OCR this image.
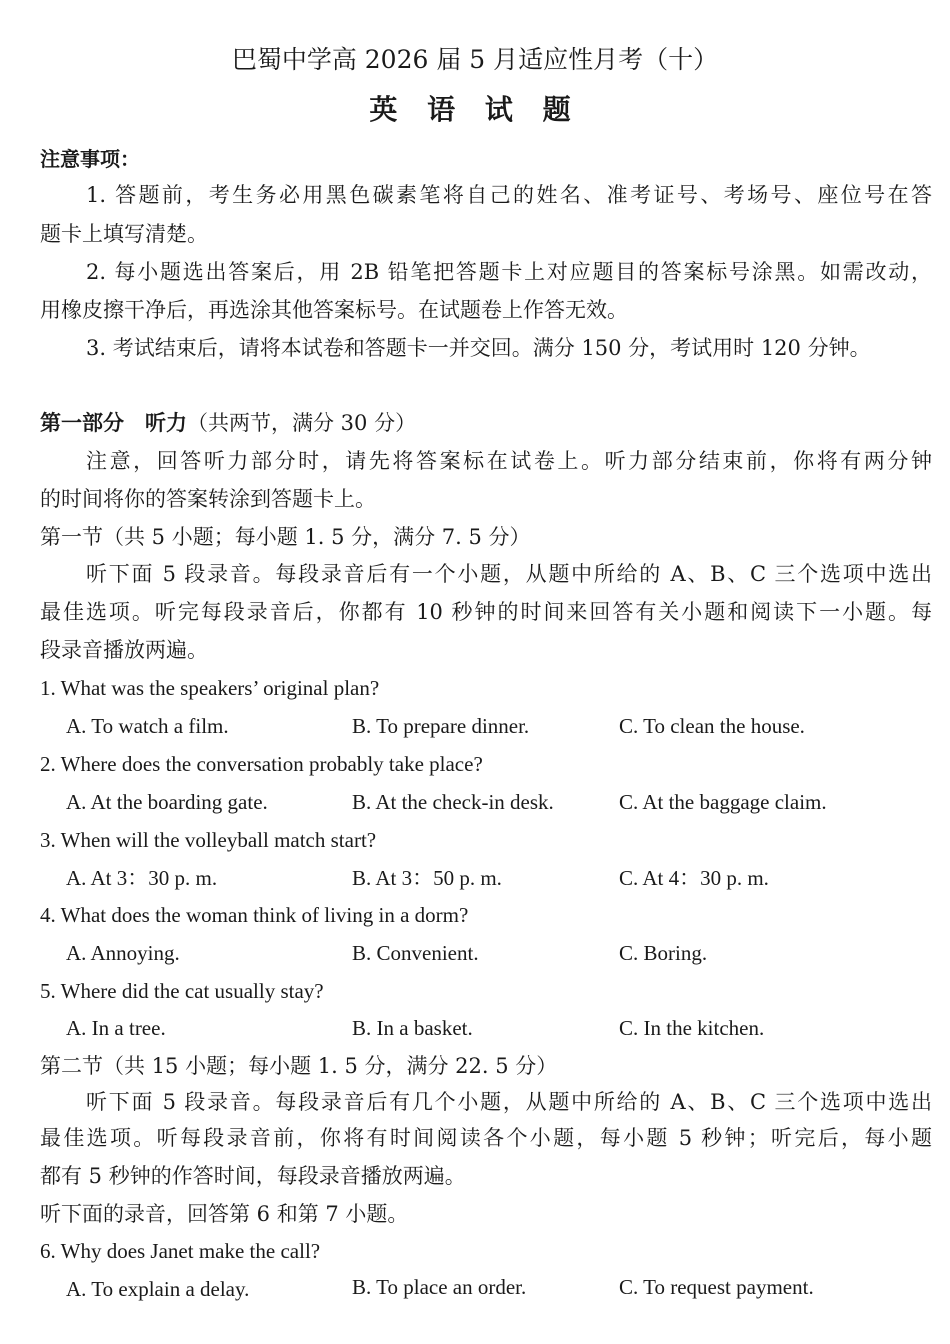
巴蜀中学高 2026 届 5 月适应性月考（十）
英 语 试 题
注意事项：
1. 答题前，考生务必用黑色碳素笔将自己的姓名、准考证号、考场号、座位号在答
题卡上填写清楚。
2. 每小题选出答案后，用 2B 铅笔把答题卡上对应题目的答案标号涂黑。如需改动，
用橡皮擦干净后，再选涂其他答案标号。在试题卷上作答无效。
3. 考试结束后，请将本试卷和答题卡一并交回。满分 150 分，考试用时 120 分钟。
第一部分　听力（共两节，满分 30 分）
注意，回答听力部分时，请先将答案标在试卷上。听力部分结束前，你将有两分钟
的时间将你的答案转涂到答题卡上。
第一节（共 5 小题；每小题 1. 5 分，满分 7. 5 分）
听下面 5 段录音。每段录音后有一个小题，从题中所给的 A、B、C 三个选项中选出
最佳选项。听完每段录音后，你都有 10 秒钟的时间来回答有关小题和阅读下一小题。每
段录音播放两遍。
1. What was the speakers’ original plan?
A. To watch a film.	B. To prepare dinner.	C. To clean the house.
2. Where does the conversation probably take place?
A. At the boarding gate.	B. At the check-in desk.	C. At the baggage claim.
3. When will the volleyball match start?
A. At 3：30 p. m.	B. At 3：50 p. m.	C. At 4：30 p. m.
4. What does the woman think of living in a dorm?
A. Annoying.	B. Convenient.	C. Boring.
5. Where did the cat usually stay?
A. In a tree.	B. In a basket.	C. In the kitchen.
第二节（共 15 小题；每小题 1. 5 分，满分 22. 5 分）
听下面 5 段录音。每段录音后有几个小题，从题中所给的 A、B、C 三个选项中选出
最佳选项。听每段录音前，你将有时间阅读各个小题，每小题 5 秒钟；听完后，每小题
都有 5 秒钟的作答时间，每段录音播放两遍。
听下面的录音，回答第 6 和第 7 小题。
6. Why does Janet make the call?
A. To explain a delay.	B. To place an order.	C. To request payment.
